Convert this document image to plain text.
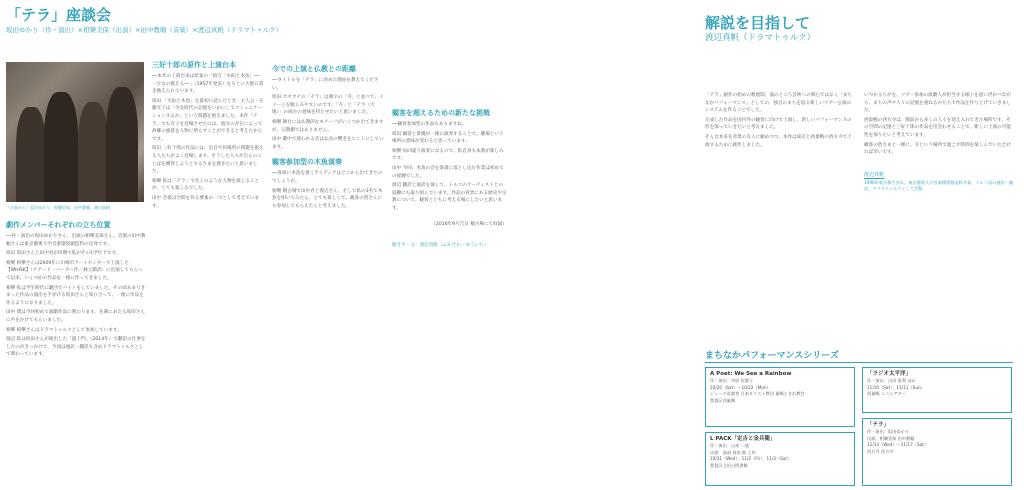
「テラ」座談会
坂田ゆかり（作・演出）×相樂美保（出演）×田中教順（音楽）×渡辺真帆（ドラマトゥルク）
（左奥から）坂田ゆかり、相樂美保、田中教順、渡辺真帆
劇作メンバーそれぞれの立ち位置

──作・演出の坂田ゆかりさん、出演の相樂美保さん、音楽の田中教順さんは東京藝術大学音楽環境創造科の出身です。

坂田 坂田さんと田中君が同期で私がその1学年下です。

相樂 相樂さんは2009年に川崎市アートセンターで上演した【WHISK】（チアード・バーカー作／林立騎訳）に出演してもらって以来、いくつかの作品を一緒に作ってきました。

相樂 私は学生時代に劇団でバイトをしていました。その頃あまりきまった作品の演出を手がける坂田さんと知り合って、一緒に作品を作るようになりました。

田中 僕は今回初めて演劇作品に関わります。先輩にあたる坂田さんに声をかけてもらいました。

相樂 相樂さんはドラマトゥルクとして参加しています。

渡辺 私は坂田さんが演出した「露土門」（2014年）で翻訳の仕事をしたのがきっかけで、今回は通訳・翻訳も含めドラマトゥルクとして関わっています。

三好十郎の原作と上演台本

──本作の上演台本は原案の「捨吉「水仙と木魚」──一少女の歌える──」（1957年発表）をもとに大胆に書き換えられています。

坂田 「水仙と木魚」を最初に読んだとき、主人公・京藤光子は「少女時代の記憶をいかにしてコミュニケーションするか」という問題を抱えました。本作「テラ」でも光子を登場させたのは、彼女の存在によって故郷の風景を人物に照らすことができると考えたからです。

坂田 三好十郎の作品には、出自や居場所の問題を抱える人たちがよく登場します。そうした人々が自らのことばを獲得しようとするさまを描きたいと思いました。

相樂 私は「テラ」で光子のような人物を演じることが、とても楽しみでした。

田中 音楽は空間を作る要素の一つとして考えています。

今での上演と仏教との距離

──タイトルを「テラ」に決めた理由を教えてください。

坂田 カタカナの「テラ」は漢字の「寺」と並べて、イメージを膨らみやすいのです。「寺」と「テラ（大地）」の両方の意味を持たせたいと思いました。

相樂 舞台には仏教的なモチーフがいくつか出てきますが、宗教劇ではありません。

田中 劇中で使われる音は仏具の響きをヒントにしています。

観客参加型の木魚演奏

──客席に木魚を置くアイディアはどこから出てきたのでしょうか。

相樂 稽古場で田中君と渡辺さん、そして私の3名で木魚を叩いてみたら、とても楽しくて。観客の皆さんにも参加してもらえたらと考えました。

観客を超えるための新たな挑戦

──観客参加型の作品もありますね。

坂田 観客と俳優が一緒に演奏することで、劇場という場所の意味が変わると思っています。

相樂 毎回違う演奏になるので、私自身も本番が楽しみです。

田中 今回、木魚の音を楽譜に落とし込む作業は初めての経験でした。

渡辺 翻訳と通訳を通して、トルコのアーティストとの協働にも取り組んでいます。作品の背景にある歴史や宗教について、観客とともに考える場にしたいと思います。

（2016年9月吉日 稽古場にて収録）

聞き手・文：渡辺真帆（ふかざわ・ゆういち）

解説を目指して
渡辺真帆（ドラマトゥルク）

「テラ」創作の始めの数週間、演のところ芸術への関心ではなく「まちなかパフォーマンス」としての、独自のまちを巡る新しいツアー公演のシステムを作ることでした。

完成した作品を国内外の観客に向けて上演し、新しいパフォーマンスの形を探っていきたいと考えました。

そんな本来を背景の友人に頼めつつ、本作は東京と西巣鴨の西方寺で上演するために創作しました。

いつか玉ちがを、ツアー参加の演劇人が担当する様子を思い浮かべながら、まちの声や人々の記憶を重ねるかたちで作品を作り上げていきました。

西巣鴨の西方寺は、戦前から多くの人々を迎え入れてきた場所です。その空間の記憶と三好十郎の作品を出会わせることで、新しい上演の可能性を探りたいと考えています。

観客の皆さまと一緒に、寺という場所で過ごす時間を楽しんでいただければ幸いです。

渡辺真帆

1990年東京都生まれ。東京藝術大学音楽環境創造科卒業。トルコ語の通訳・翻訳、ドラマトゥルクとして活動。

まちなかパフォーマンスシリーズ
A Poet: We See a Rainbow
作・演出：市原 佐都子
10/20（Sat）～10/22（Mon）
ジューク音楽堂 日本キリスト教団 巣鴨ときわ教会
豊島区西巣鴨
L PACK「定吉と金兵衛」
作・演出：山本 一徳
出演：高須 真次 郎 上杉
10/31（Wed）、11/2（Fri）、11/3（Sat）
豊島区立田台図書館
「ラジオ太平洋」
作・演出：山田 恵利 ほか
11/10（Sat）、11/11（Sun）
西巣鴨 ミニシアター
「テラ」
作・演出：坂田ゆかり
出演：相樂美保 田中教順
11/14（Wed）～11/17（Sat）
西方寺 西方寺
